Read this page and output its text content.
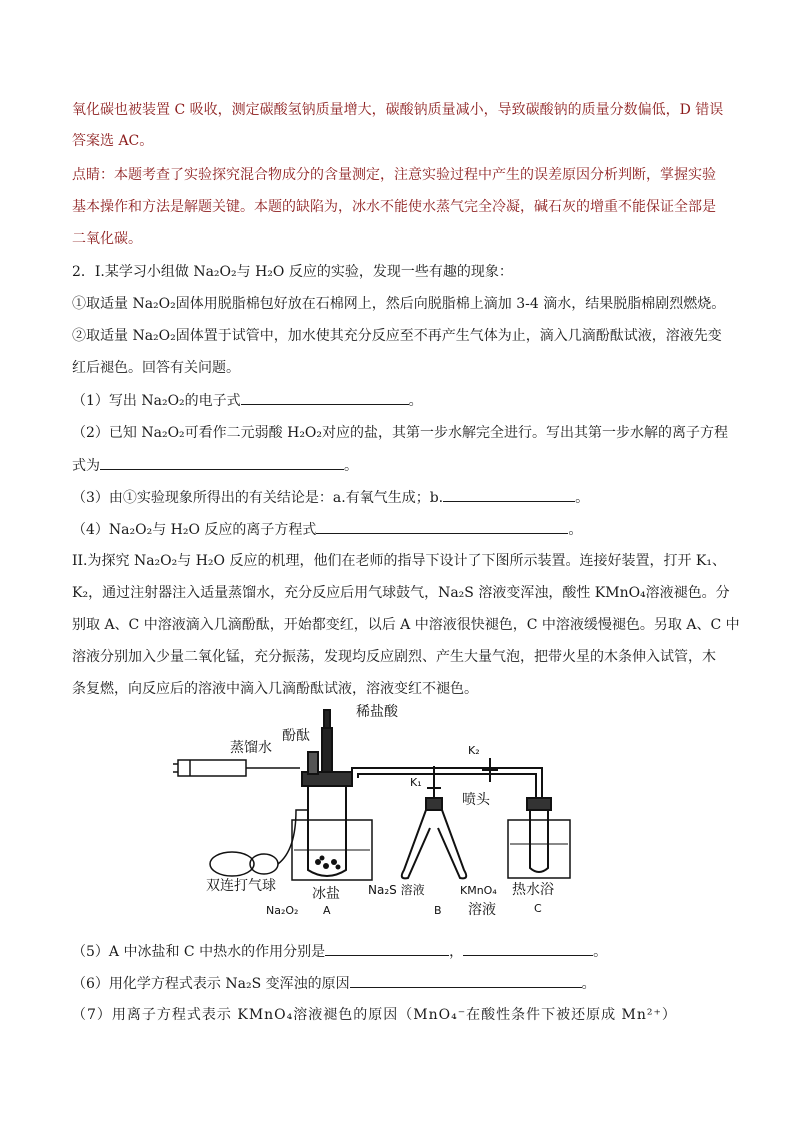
氧化碳也被装置 C 吸收，测定碳酸氢钠质量增大，碳酸钠质量减小，导致碳酸钠的质量分数偏低，D 错误
答案选 AC。
点睛：本题考查了实验探究混合物成分的含量测定，注意实验过程中产生的误差原因分析判断，掌握实验
基本操作和方法是解题关键。本题的缺陷为，冰水不能使水蒸气完全冷凝，碱石灰的增重不能保证全部是
二氧化碳。
2．I.某学习小组做 Na₂O₂与 H₂O 反应的实验，发现一些有趣的现象：
①取适量 Na₂O₂固体用脱脂棉包好放在石棉网上，然后向脱脂棉上滴加 3-4 滴水，结果脱脂棉剧烈燃烧。
②取适量 Na₂O₂固体置于试管中，加水使其充分反应至不再产生气体为止，滴入几滴酚酞试液，溶液先变
红后褪色。回答有关问题。
（1）写出 Na₂O₂的电子式	。
（2）已知 Na₂O₂可看作二元弱酸 H₂O₂对应的盐，其第一步水解完全进行。写出其第一步水解的离子方程
式为	。
（3）由①实验现象所得出的有关结论是：a.有氧气生成；b.	。
（4）Na₂O₂与 H₂O 反应的离子方程式	。
II.为探究 Na₂O₂与 H₂O 反应的机理，他们在老师的指导下设计了下图所示装置。连接好装置，打开 K₁、
K₂，通过注射器注入适量蒸馏水，充分反应后用气球鼓气，Na₂S 溶液变浑浊，酸性 KMnO₄溶液褪色。分
别取 A、C 中溶液滴入几滴酚酞，开始都变红，以后 A 中溶液很快褪色，C 中溶液缓慢褪色。另取 A、C 中
溶液分别加入少量二氧化锰，充分振荡，发现均反应剧烈、产生大量气泡，把带火星的木条伸入试管，木
条复燃，向反应后的溶液中滴入几滴酚酞试液，溶液变红不褪色。
稀盐酸
酚酞
蒸馏水	K₂
K₁
喷头
双连打气球	冰盐 Na₂S 溶液	KMnO₄
溶液
热水浴
Na₂O₂ A	B	C
（5）A 中冰盐和 C 中热水的作用分别是	，	。
（6）用化学方程式表示 Na₂S 变浑浊的原因	。
（7）用离子方程式表示 KMnO₄溶液褪色的原因（MnO₄⁻在酸性条件下被还原成 Mn²⁺）
